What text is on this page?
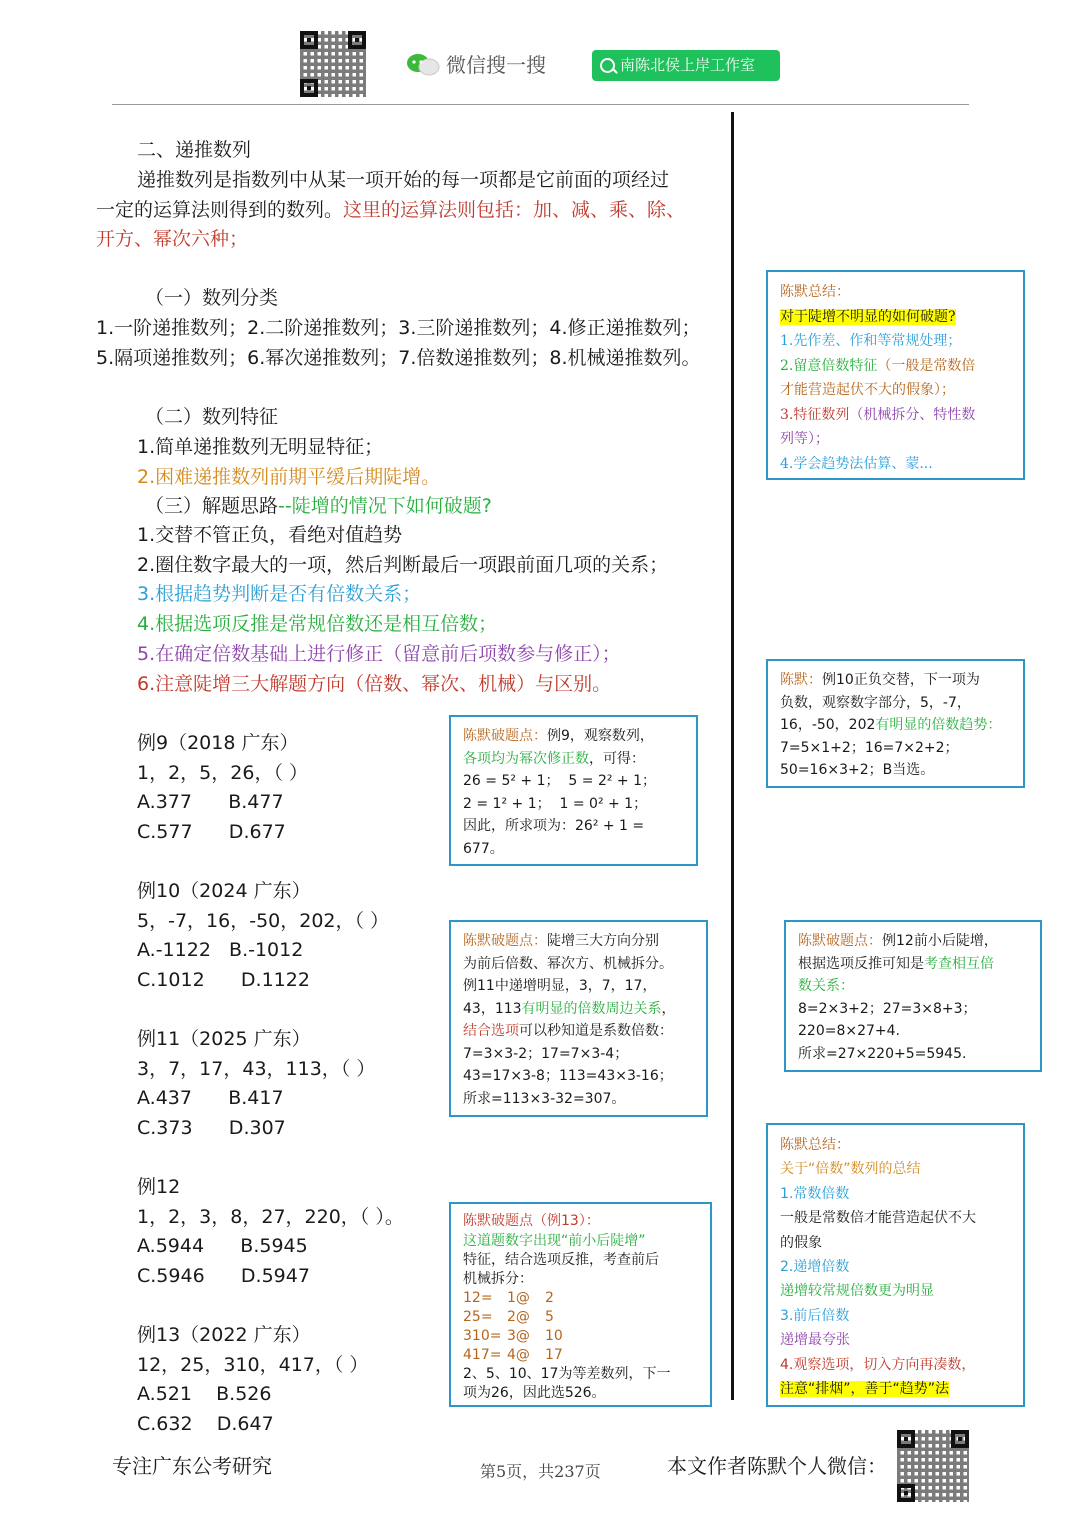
微信搜一搜	南陈北侯上岸工作室
二、递推数列
递推数列是指数列中从某一项开始的每一项都是它前面的项经过
一定的运算法则得到的数列。这里的运算法则包括：加、减、乘、除、
开方、幂次六种；
（一）数列分类
1.一阶递推数列；2.二阶递推数列；3.三阶递推数列；4.修正递推数列；
5.隔项递推数列；6.幂次递推数列；7.倍数递推数列；8.机械递推数列。
（二）数列特征
1.简单递推数列无明显特征；
2.困难递推数列前期平缓后期陡增。
（三）解题思路--陡增的情况下如何破题?
1.交替不管正负，看绝对值趋势
2.圈住数字最大的一项，然后判断最后一项跟前面几项的关系；
3.根据趋势判断是否有倍数关系；
4.根据选项反推是常规倍数还是相互倍数；
5.在确定倍数基础上进行修正（留意前后项数参与修正）；
6.注意陡增三大解题方向（倍数、幂次、机械）与区别。
例9（2018 广东）
1，2，5，26，（ ）
A.377      B.477
C.577      D.677
例10（2024 广东）
5，-7，16，-50，202，（ ）
A.-1122   B.-1012
C.1012      D.1122
例11（2025 广东）
3，7，17，43，113，（ ）
A.437      B.417
C.373      D.307
例12
1，2，3，8，27，220，（ ）。
A.5944      B.5945
C.5946      D.5947
例13（2022 广东）
12，25，310，417，（ ）
A.521    B.526
C.632    D.647
陈默总结：
对于陡增不明显的如何破题?
1.先作差、作和等常规处理；
2.留意倍数特征（一般是常数倍
才能营造起伏不大的假象）；
3.特征数列（机械拆分、特性数
列等）；
4.学会趋势法估算、蒙...
陈默：例10正负交替，下一项为
负数，观察数字部分，5，-7，
16，-50，202有明显的倍数趋势：
7=5×1+2；16=7×2+2；
50=16×3+2；B当选。
陈默破题点：例9，观察数列，
各项均为幂次修正数，可得：
26 = 5² + 1；  5 = 2² + 1；
2 = 1² + 1；  1 = 0² + 1；
因此，所求项为：26² + 1 =
677。
陈默破题点：陡增三大方向分别
为前后倍数、幂次方、机械拆分。
例11中递增明显，3，7，17，
43，113有明显的倍数周边关系，
结合选项可以秒知道是系数倍数：
7=3×3-2；17=7×3-4；
43=17×3-8；113=43×3-16；
所求=113×3-32=307。
陈默破题点：例12前小后陡增，
根据选项反推可知是考查相互倍
数关系：
8=2×3+2；27=3×8+3；
220=8×27+4.
所求=27×220+5=5945.
陈默破题点（例13）：
这道题数字出现“前小后陡增”
特征，结合选项反推，考查前后
机械拆分：
12= 1@ 2
25= 2@ 5
310= 3@ 10
417= 4@ 17
2、5、10、17为等差数列，下一
项为26，因此选526。
陈默总结：
关于“倍数”数列的总结
1.常数倍数
一般是常数倍才能营造起伏不大
的假象
2.递增倍数
递增较常规倍数更为明显
3.前后倍数
递增最夸张
4.观察选项，切入方向再凑数，
注意“排烟”，善于“趋势”法
专注广东公考研究	第5页，共237页	本文作者陈默个人微信：
